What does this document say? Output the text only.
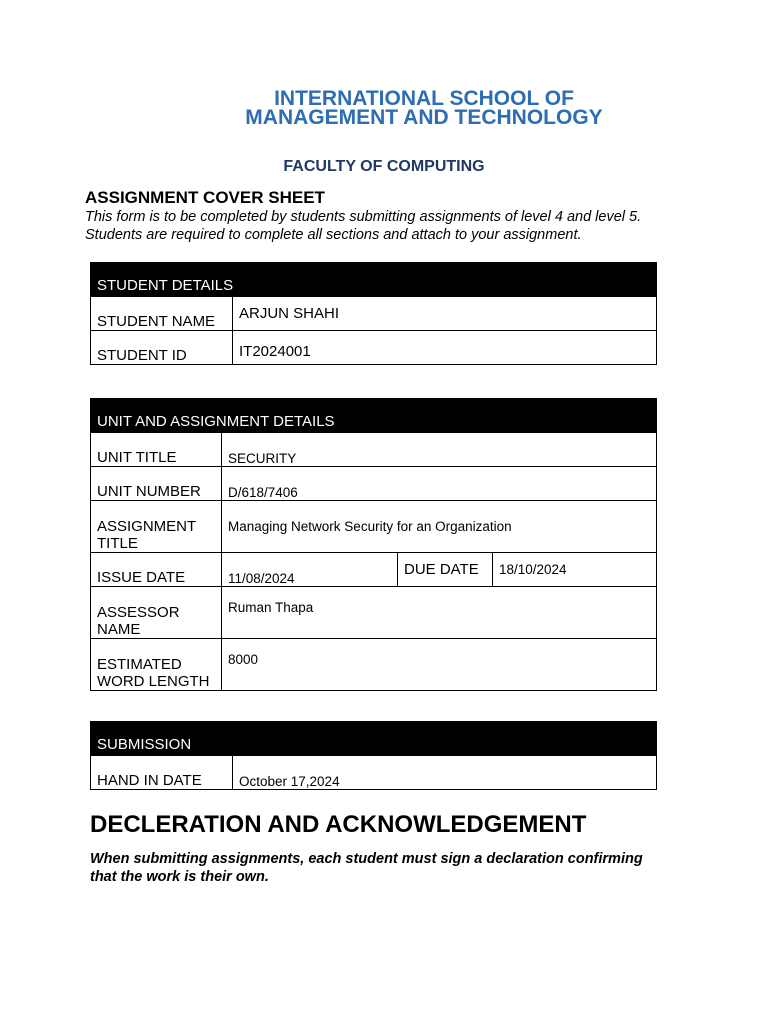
INTERNATIONAL SCHOOL OF
MANAGEMENT AND TECHNOLOGY
FACULTY OF COMPUTING
ASSIGNMENT COVER SHEET
This form is to be completed by students submitting assignments of level 4 and level 5.
Students are required to complete all sections and attach to your assignment.
STUDENT DETAILS	
STUDENT NAME	ARJUN SHAHI
STUDENT ID	IT2024001
UNIT AND ASSIGNMENT DETAILS			
UNIT TITLE	SECURITY		
UNIT NUMBER	D/618/7406		
ASSIGNMENT
TITLE	Managing Network Security for an Organization		
ISSUE DATE	11/08/2024	DUE DATE	18/10/2024
ASSESSOR
NAME	Ruman Thapa		
ESTIMATED
WORD LENGTH	8000		
SUBMISSION
HAND IN DATE	October 17,2024
DECLERATION AND ACKNOWLEDGEMENT
When submitting assignments, each student must sign a declaration confirming
that the work is their own.
